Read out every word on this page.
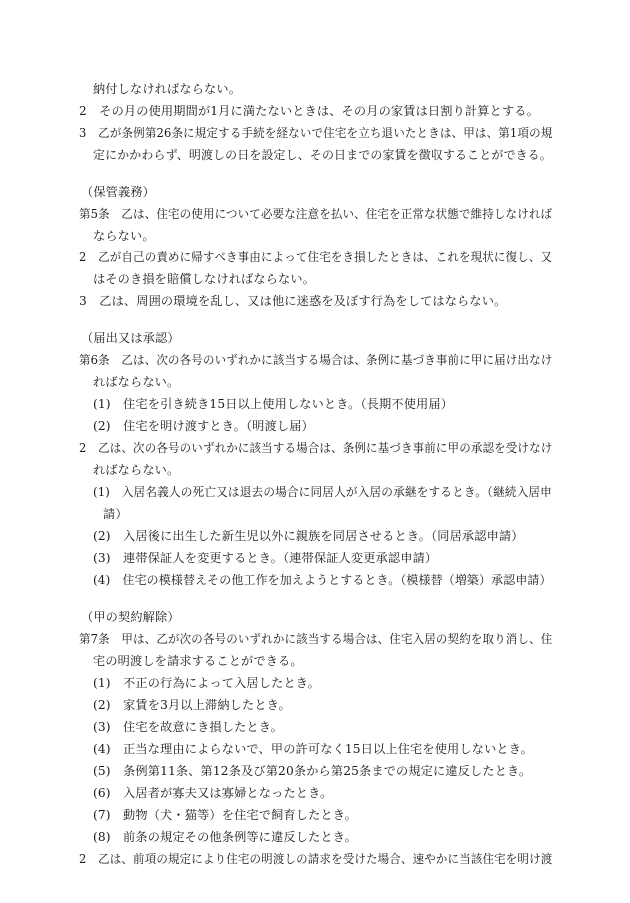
納付しなければならない。
2　その月の使用期間が1月に満たないときは、その月の家賃は日割り計算とする。
3　乙が条例第26条に規定する手続を経ないで住宅を立ち退いたときは、甲は、第1項の規
定にかかわらず、明渡しの日を設定し、その日までの家賃を徴収することができる。
（保管義務）
第5条　乙は、住宅の使用について必要な注意を払い、住宅を正常な状態で維持しなければ
ならない。
2　乙が自己の責めに帰すべき事由によって住宅をき損したときは、これを現状に復し、又
はそのき損を賠償しなければならない。
3　乙は、周囲の環境を乱し、又は他に迷惑を及ぼす行為をしてはならない。
（届出又は承認）
第6条　乙は、次の各号のいずれかに該当する場合は、条例に基づき事前に甲に届け出なけ
ればならない。
(1)　住宅を引き続き15日以上使用しないとき。（長期不使用届）
(2)　住宅を明け渡すとき。（明渡し届）
2　乙は、次の各号のいずれかに該当する場合は、条例に基づき事前に甲の承認を受けなけ
ればならない。
(1)　入居名義人の死亡又は退去の場合に同居人が入居の承継をするとき。（継続入居申
請）
(2)　入居後に出生した新生児以外に親族を同居させるとき。（同居承認申請）
(3)　連帯保証人を変更するとき。（連帯保証人変更承認申請）
(4)　住宅の模様替えその他工作を加えようとするとき。（模様替（増築）承認申請）
（甲の契約解除）
第7条　甲は、乙が次の各号のいずれかに該当する場合は、住宅入居の契約を取り消し、住
宅の明渡しを請求することができる。
(1)　不正の行為によって入居したとき。
(2)　家賃を3月以上滞納したとき。
(3)　住宅を故意にき損したとき。
(4)　正当な理由によらないで、甲の許可なく15日以上住宅を使用しないとき。
(5)　条例第11条、第12条及び第20条から第25条までの規定に違反したとき。
(6)　入居者が寡夫又は寡婦となったとき。
(7)　動物（犬・猫等）を住宅で飼育したとき。
(8)　前条の規定その他条例等に違反したとき。
2　乙は、前項の規定により住宅の明渡しの請求を受けた場合、速やかに当該住宅を明け渡
